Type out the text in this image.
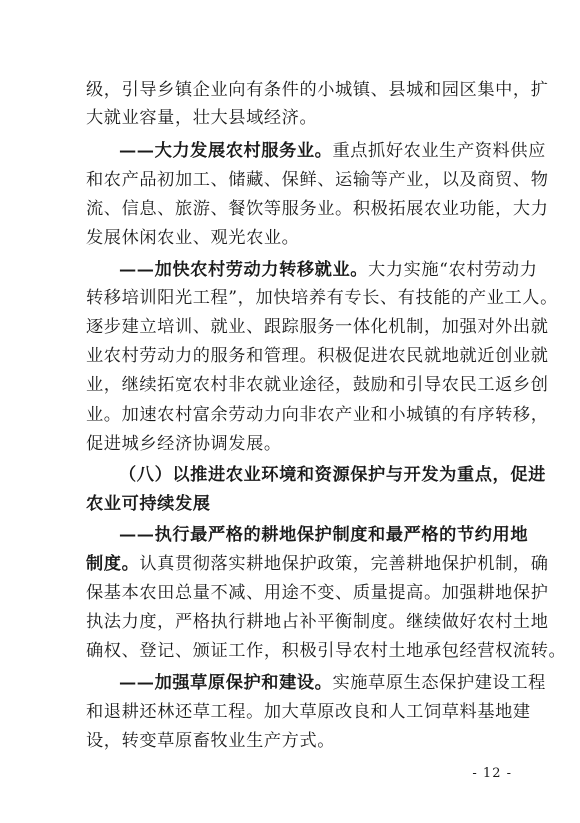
级，引导乡镇企业向有条件的小城镇、县城和园区集中，扩
大就业容量，壮大县域经济。
——大力发展农村服务业。重点抓好农业生产资料供应
和农产品初加工、储藏、保鲜、运输等产业，以及商贸、物
流、信息、旅游、餐饮等服务业。积极拓展农业功能，大力
发展休闲农业、观光农业。
——加快农村劳动力转移就业。大力实施“农村劳动力
转移培训阳光工程”，加快培养有专长、有技能的产业工人。
逐步建立培训、就业、跟踪服务一体化机制，加强对外出就
业农村劳动力的服务和管理。积极促进农民就地就近创业就
业，继续拓宽农村非农就业途径，鼓励和引导农民工返乡创
业。加速农村富余劳动力向非农产业和小城镇的有序转移，
促进城乡经济协调发展。
（八）以推进农业环境和资源保护与开发为重点，促进
农业可持续发展
——执行最严格的耕地保护制度和最严格的节约用地
制度。认真贯彻落实耕地保护政策，完善耕地保护机制，确
保基本农田总量不减、用途不变、质量提高。加强耕地保护
执法力度，严格执行耕地占补平衡制度。继续做好农村土地
确权、登记、颁证工作，积极引导农村土地承包经营权流转。
——加强草原保护和建设。实施草原生态保护建设工程
和退耕还林还草工程。加大草原改良和人工饲草料基地建
设，转变草原畜牧业生产方式。
- 12 -
